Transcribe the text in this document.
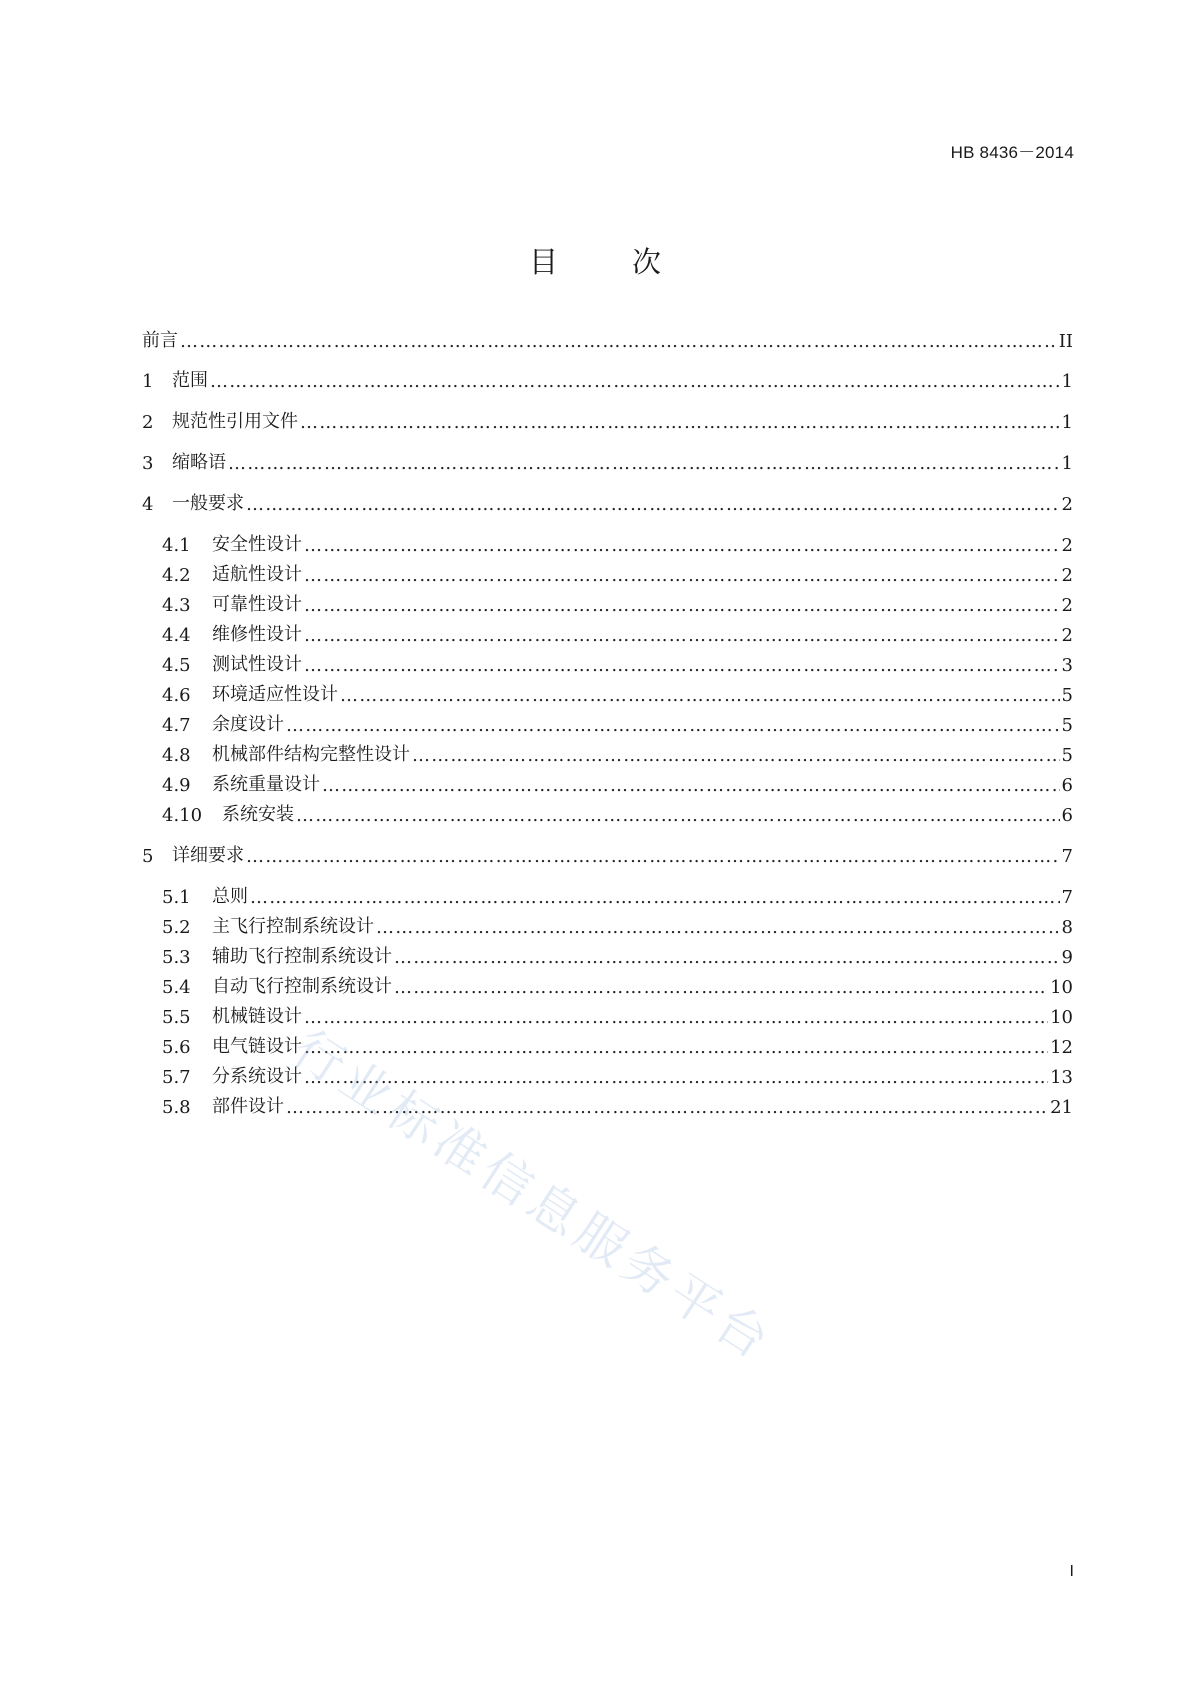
HB 8436－2014
目	次
前言 …………………………………………………………………………………………………………………………………………………………………………………………………………………………………………………………	II
1	范围 …………………………………………………………………………………………………………………………………………………………………………………………………………………………………………………………	1
2	规范性引用文件 …………………………………………………………………………………………………………………………………………………………………………………………………………………………………………………………	1
3	缩略语 …………………………………………………………………………………………………………………………………………………………………………………………………………………………………………………………	1
4	一般要求 …………………………………………………………………………………………………………………………………………………………………………………………………………………………………………………………	2
4.1	安全性设计 …………………………………………………………………………………………………………………………………………………………………………………………………………………………………………………………	2
4.2	适航性设计 …………………………………………………………………………………………………………………………………………………………………………………………………………………………………………………………	2
4.3	可靠性设计 …………………………………………………………………………………………………………………………………………………………………………………………………………………………………………………………	2
4.4	维修性设计 …………………………………………………………………………………………………………………………………………………………………………………………………………………………………………………………	2
4.5	测试性设计 …………………………………………………………………………………………………………………………………………………………………………………………………………………………………………………………	3
4.6	环境适应性设计 …………………………………………………………………………………………………………………………………………………………………………………………………………………………………………………………	5
4.7	余度设计 …………………………………………………………………………………………………………………………………………………………………………………………………………………………………………………………	5
4.8	机械部件结构完整性设计 …………………………………………………………………………………………………………………………………………………………………………………………………………………………………………………………	5
4.9	系统重量设计 …………………………………………………………………………………………………………………………………………………………………………………………………………………………………………………………	6
4.10	系统安装 …………………………………………………………………………………………………………………………………………………………………………………………………………………………………………………………	6
5	详细要求 …………………………………………………………………………………………………………………………………………………………………………………………………………………………………………………………	7
5.1	总则 …………………………………………………………………………………………………………………………………………………………………………………………………………………………………………………………	7
5.2	主飞行控制系统设计 …………………………………………………………………………………………………………………………………………………………………………………………………………………………………………………………	8
5.3	辅助飞行控制系统设计 …………………………………………………………………………………………………………………………………………………………………………………………………………………………………………………………	9
5.4	自动飞行控制系统设计 …………………………………………………………………………………………………………………………………………………………………………………………………………………………………………………………	10
5.5	机械链设计 …………………………………………………………………………………………………………………………………………………………………………………………………………………………………………………………	10
5.6	电气链设计 …………………………………………………………………………………………………………………………………………………………………………………………………………………………………………………………	12
5.7	分系统设计 …………………………………………………………………………………………………………………………………………………………………………………………………………………………………………………………	13
5.8	部件设计 …………………………………………………………………………………………………………………………………………………………………………………………………………………………………………………………	21
行业标准信息服务平台
I
